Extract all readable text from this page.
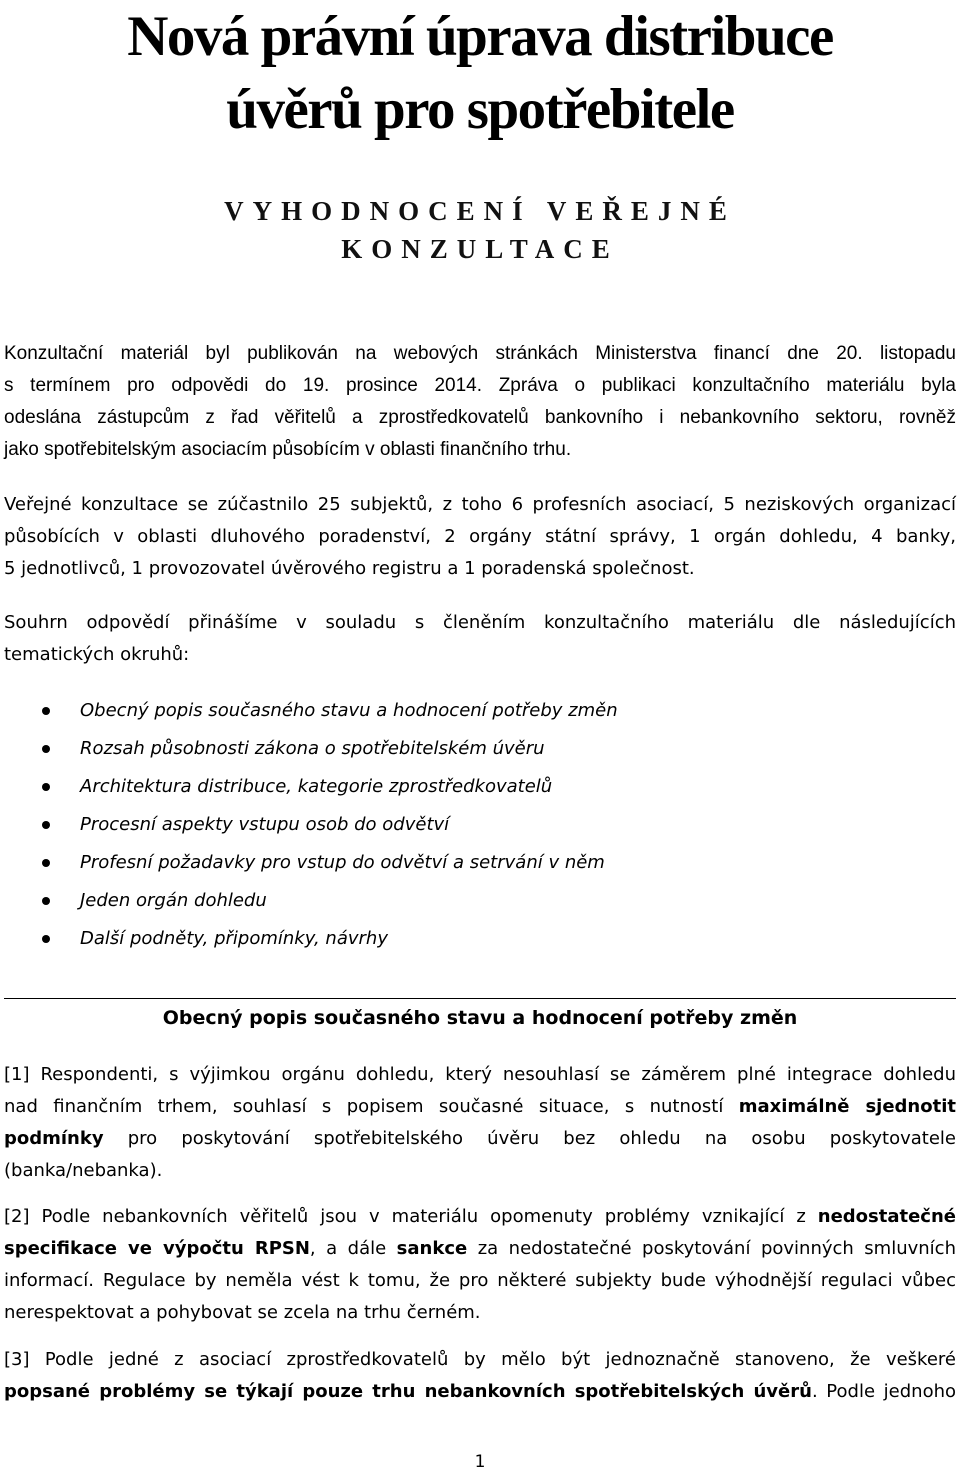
Nová právní úprava distribuce
úvěrů pro spotřebitele
VYHODNOCENÍ VEŘEJNÉ
KONZULTACE

Konzultační materiál byl publikován na webových stránkách Ministerstva financí dne 20. listopadu
s termínem pro odpovědi do 19. prosince 2014. Zpráva o publikaci konzultačního materiálu byla
odeslána zástupcům z řad věřitelů a zprostředkovatelů bankovního i nebankovního sektoru, rovněž
jako spotřebitelským asociacím působícím v oblasti finančního trhu.

Veřejné konzultace se zúčastnilo 25 subjektů, z toho 6 profesních asociací, 5 neziskových organizací
působících v oblasti dluhového poradenství, 2 orgány státní správy, 1 orgán dohledu, 4 banky,
5 jednotlivců, 1 provozovatel úvěrového registru a 1 poradenská společnost.

Souhrn odpovědí přinášíme v souladu s členěním konzultačního materiálu dle následujících
tematických okruhů:

Obecný popis současného stavu a hodnocení potřeby změn
Rozsah působnosti zákona o spotřebitelském úvěru
Architektura distribuce, kategorie zprostředkovatelů
Procesní aspekty vstupu osob do odvětví
Profesní požadavky pro vstup do odvětví a setrvání v něm
Jeden orgán dohledu
Další podněty, připomínky, návrhy
Obecný popis současného stavu a hodnocení potřeby změn

[1] Respondenti, s výjimkou orgánu dohledu, který nesouhlasí se záměrem plné integrace dohledu
nad finančním trhem, souhlasí s popisem současné situace, s nutností maximálně sjednotit
podmínky pro poskytování spotřebitelského úvěru bez ohledu na osobu poskytovatele
(banka/nebanka).

[2] Podle nebankovních věřitelů jsou v materiálu opomenuty problémy vznikající z nedostatečné
specifikace ve výpočtu RPSN, a dále sankce za nedostatečné poskytování povinných smluvních
informací. Regulace by neměla vést k tomu, že pro některé subjekty bude výhodnější regulaci vůbec
nerespektovat a pohybovat se zcela na trhu černém.

[3] Podle jedné z asociací zprostředkovatelů by mělo být jednoznačně stanoveno, že veškeré
popsané problémy se týkají pouze trhu nebankovních spotřebitelských úvěrů. Podle jednoho

1
